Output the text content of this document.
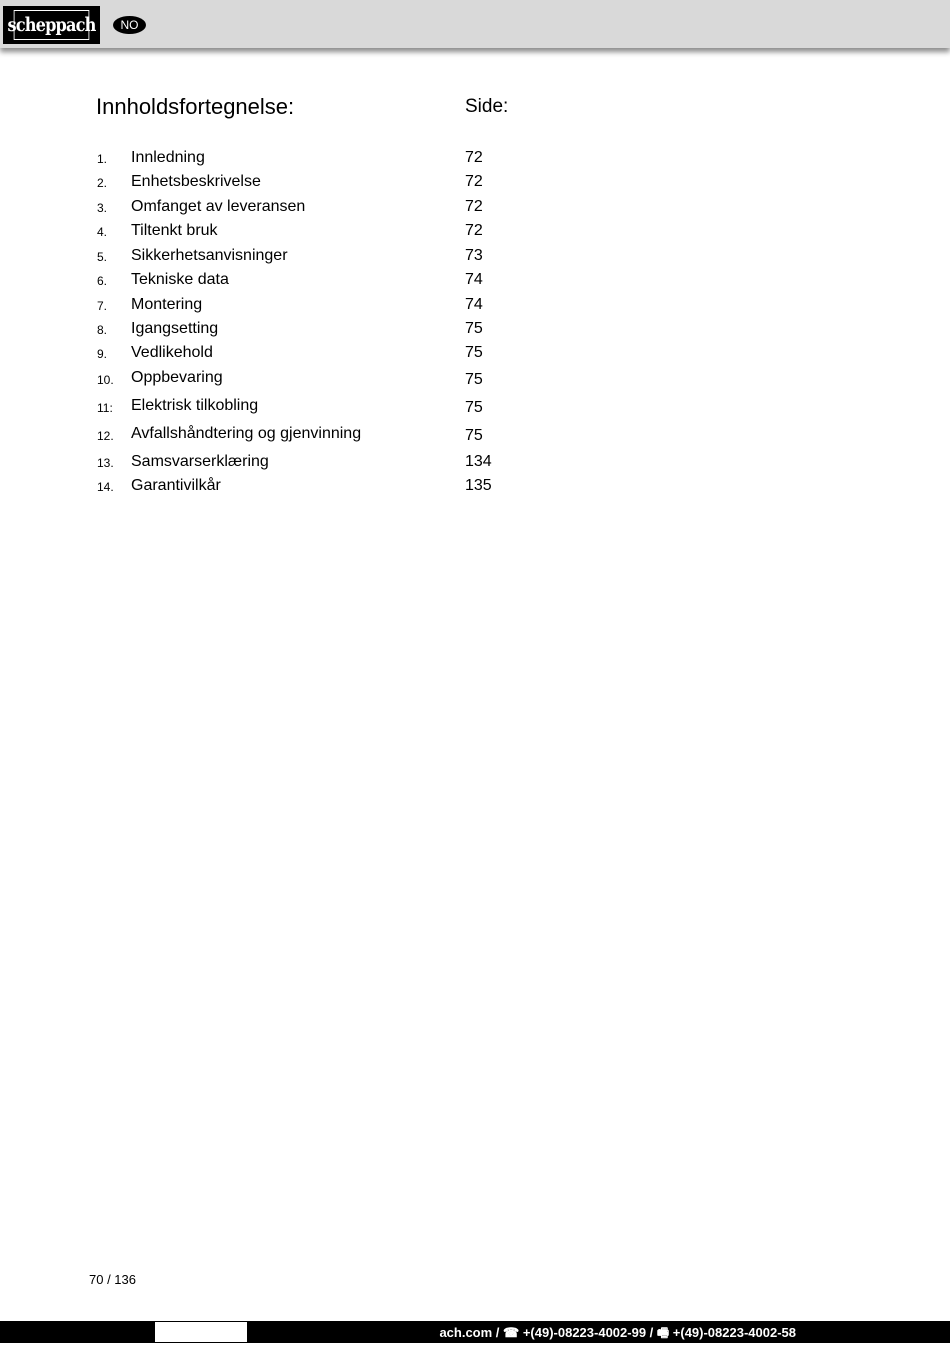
scheppach	NO
Innholdsfortegnelse:	Side:
1. Innledning	72
2. Enhetsbeskrivelse	72
3. Omfanget av leveransen	72
4. Tiltenkt bruk	72
5. Sikkerhetsanvisninger	73
6. Tekniske data	74
7. Montering	74
8. Igangsetting	75
9. Vedlikehold	75
10. Oppbevaring	75
11: Elektrisk tilkobling	75
12. Avfallshåndtering og gjenvinning	75
13. Samsvarserklæring	134
14. Garantivilkår	135
70 / 136
ach.com / ☎ +(49)-08223-4002-99 / 🖷 +(49)-08223-4002-58
